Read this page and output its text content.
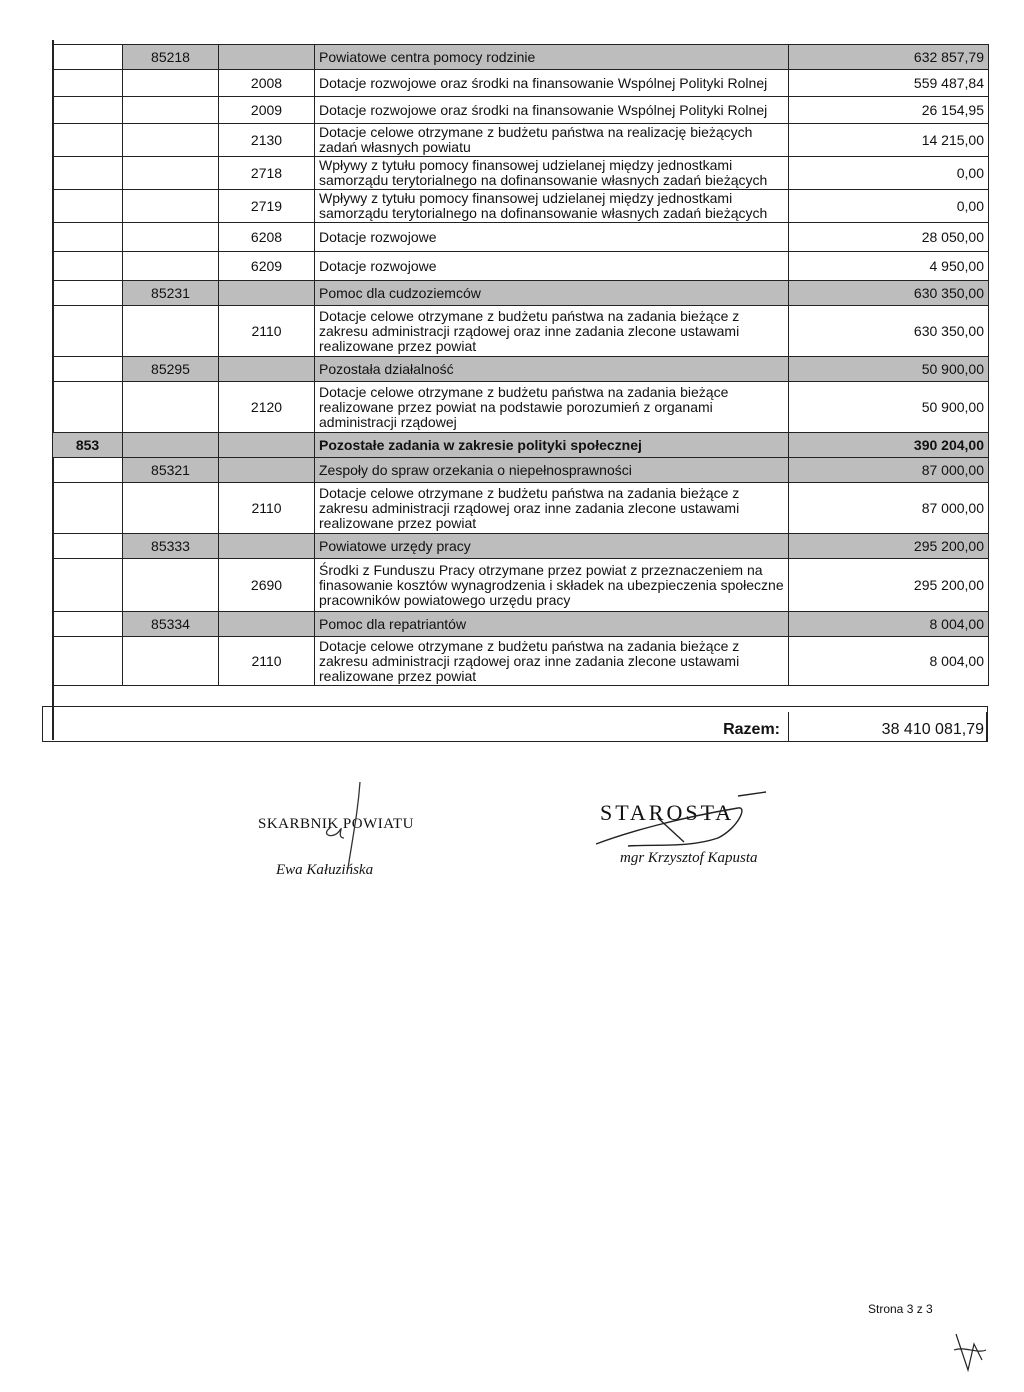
	85218		Powiatowe centra pomocy rodzinie	632 857,79
		2008	Dotacje rozwojowe oraz środki na finansowanie Wspólnej Polityki Rolnej	559 487,84
		2009	Dotacje rozwojowe oraz środki na finansowanie Wspólnej Polityki Rolnej	26 154,95
		2130	Dotacje celowe otrzymane z budżetu państwa na realizację bieżących zadań własnych powiatu	14 215,00
		2718	Wpływy z tytułu pomocy finansowej udzielanej między jednostkami samorządu terytorialnego na dofinansowanie własnych zadań bieżących	0,00
		2719	Wpływy z tytułu pomocy finansowej udzielanej między jednostkami samorządu terytorialnego na dofinansowanie własnych zadań bieżących	0,00
		6208	Dotacje rozwojowe	28 050,00
		6209	Dotacje rozwojowe	4 950,00
	85231		Pomoc dla cudzoziemców	630 350,00
		2110	Dotacje celowe otrzymane z budżetu państwa na zadania bieżące z zakresu administracji rządowej oraz inne zadania zlecone ustawami realizowane przez powiat	630 350,00
	85295		Pozostała działalność	50 900,00
		2120	Dotacje celowe otrzymane z budżetu państwa na zadania bieżące realizowane przez powiat na podstawie porozumień z organami administracji rządowej	50 900,00
853			Pozostałe zadania w zakresie polityki społecznej	390 204,00
	85321		Zespoły do spraw orzekania o niepełnosprawności	87 000,00
		2110	Dotacje celowe otrzymane z budżetu państwa na zadania bieżące z zakresu administracji rządowej oraz inne zadania zlecone ustawami realizowane przez powiat	87 000,00
	85333		Powiatowe urzędy pracy	295 200,00
		2690	Środki z Funduszu Pracy otrzymane przez powiat z przeznaczeniem na finasowanie kosztów wynagrodzenia i składek na ubezpieczenia społeczne pracowników powiatowego urzędu pracy	295 200,00
	85334		Pomoc dla repatriantów	8 004,00
		2110	Dotacje celowe otrzymane z budżetu państwa na zadania bieżące z zakresu administracji rządowej oraz inne zadania zlecone ustawami realizowane przez powiat	8 004,00
Razem:	38 410 081,79
SKARBNIK POWIATU
Ewa Kałuzińska
STAROSTA
mgr Krzysztof Kapusta
Strona 3 z 3
